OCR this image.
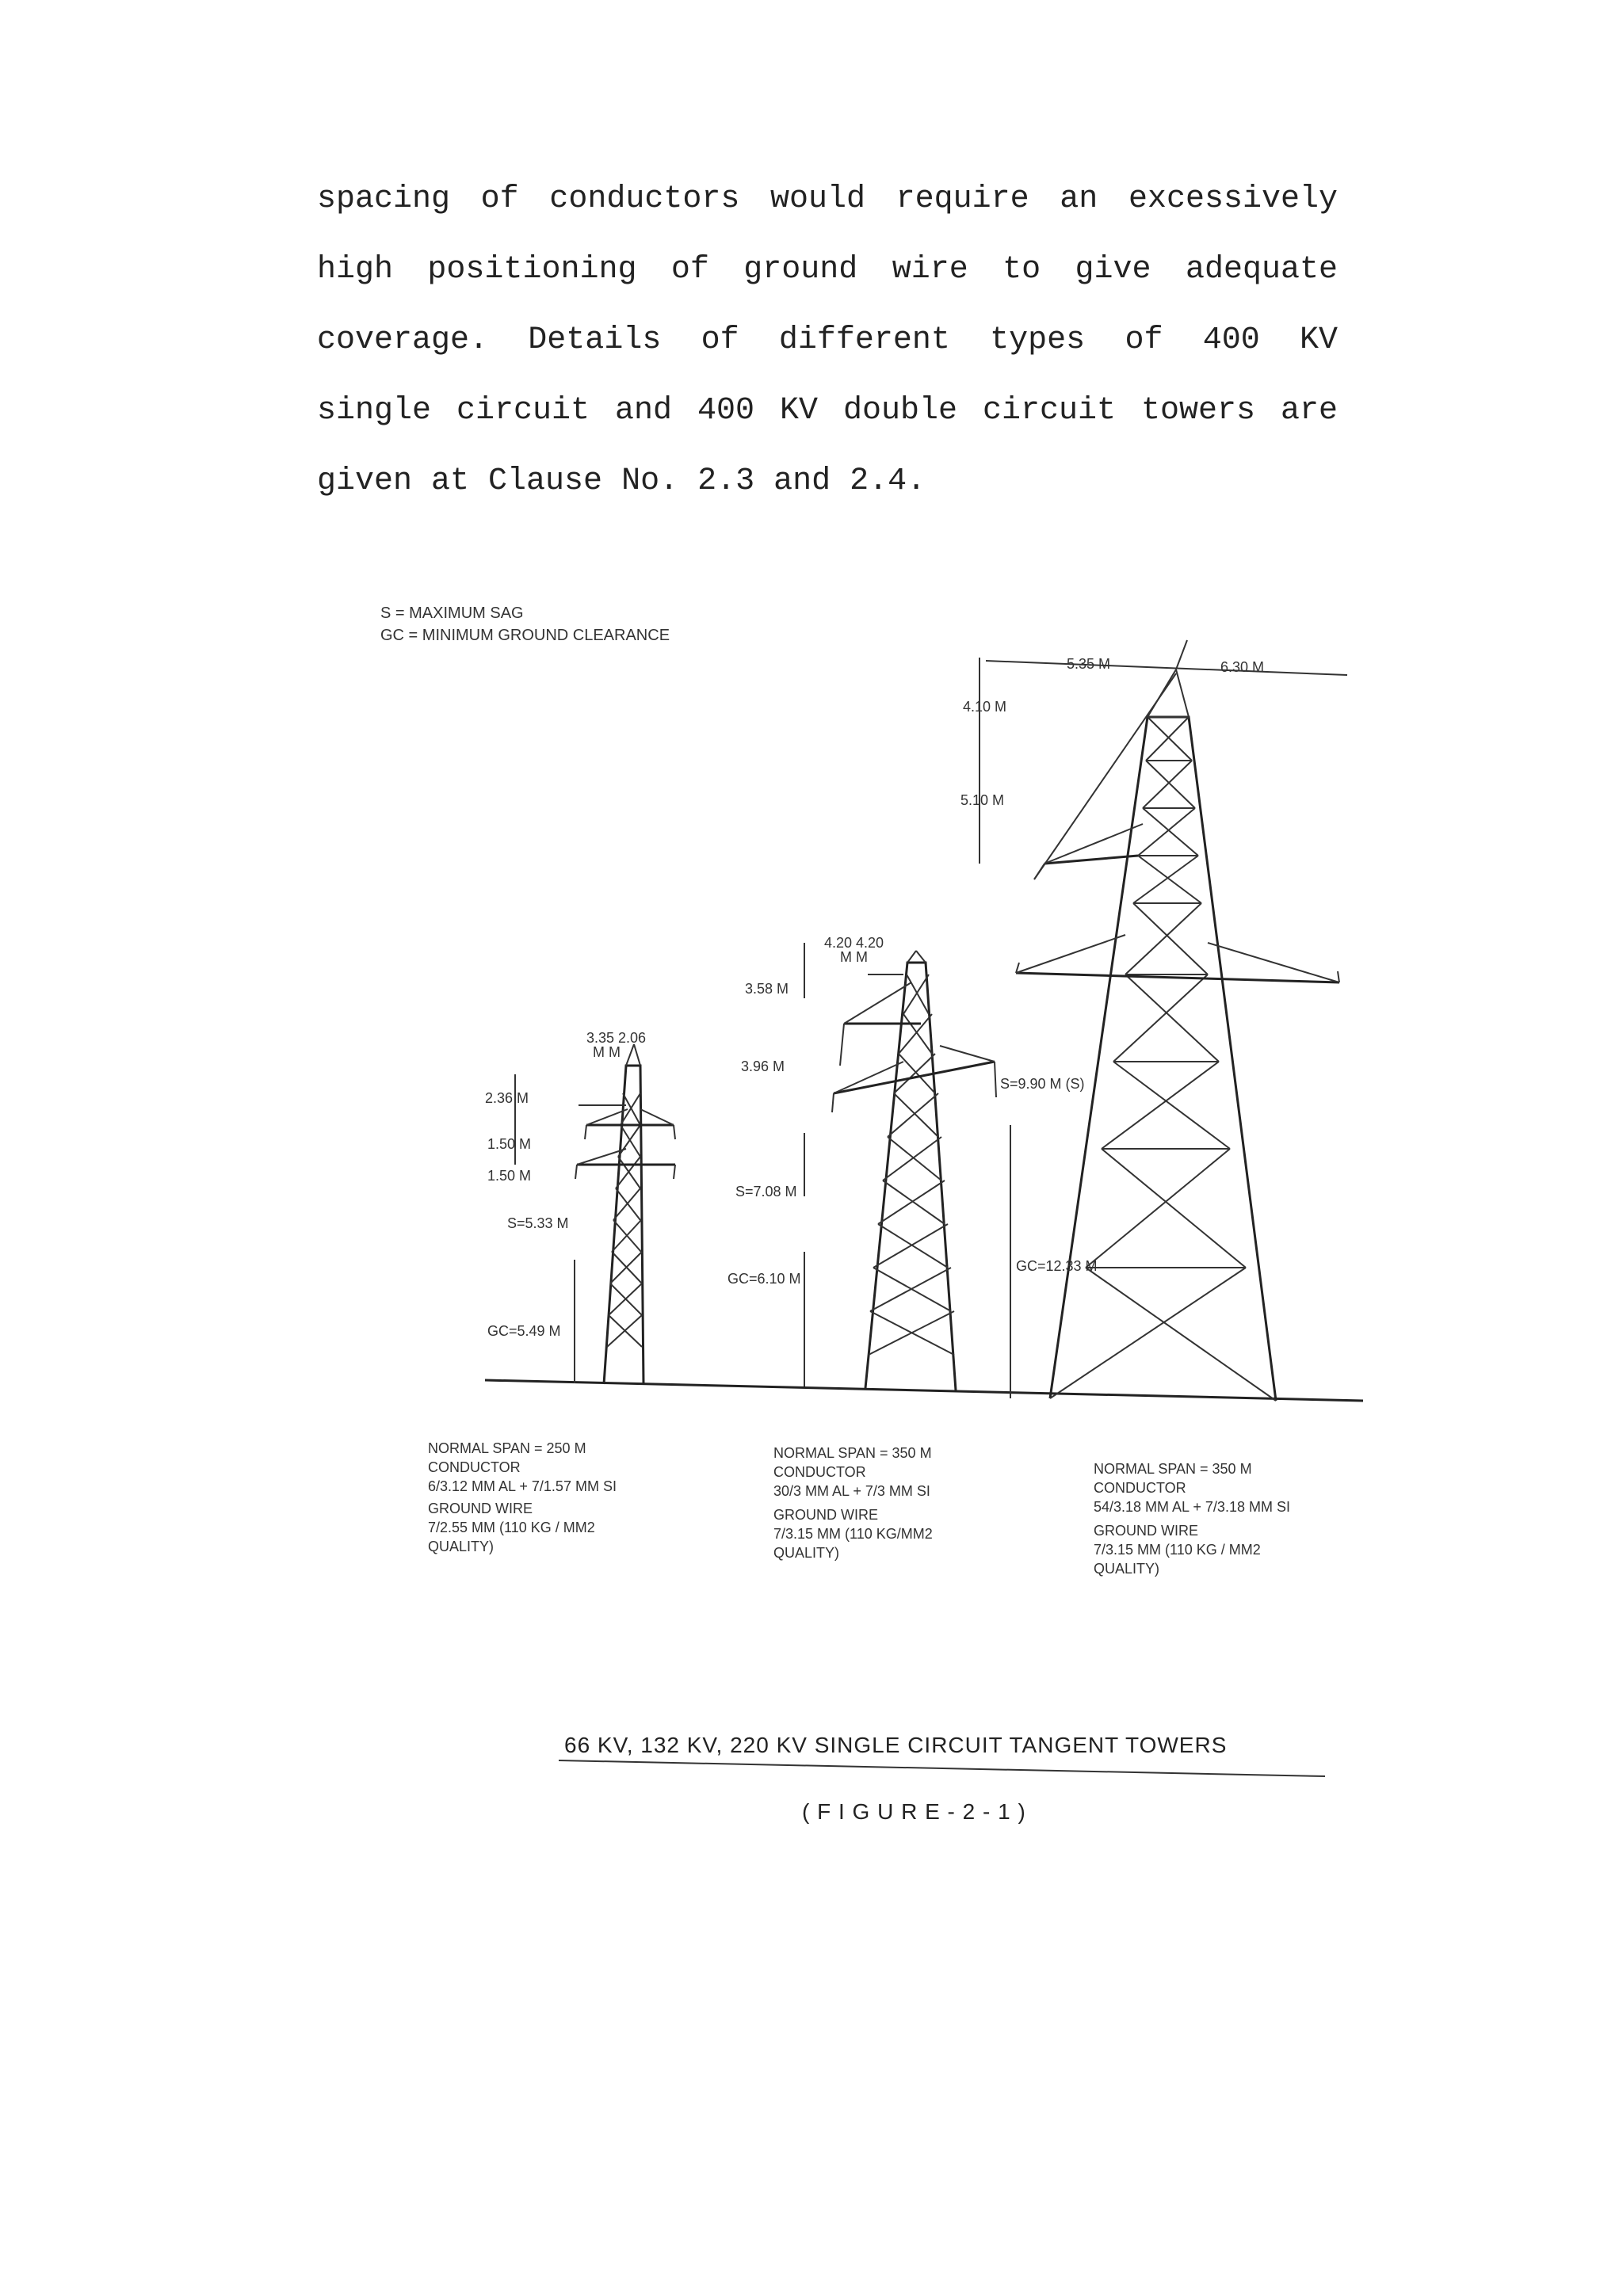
spacing of conductors would require an excessively
high positioning of ground wire to give adequate
coverage. Details of different types of 400 KV
single circuit and 400 KV double circuit towers are
given at Clause No. 2.3 and 2.4.
S = MAXIMUM SAG
GC = MINIMUM GROUND CLEARANCE
3.35 2.06
M M
2.36 M
1.50 M
1.50 M
S=5.33 M
GC=5.49 M
NORMAL SPAN = 250 M
CONDUCTOR
6/3.12 MM AL + 7/1.57 MM SI
GROUND WIRE
7/2.55 MM (110 KG / MM2
QUALITY)
4.20 4.20
M M
3.58 M
3.96 M
S=7.08 M
GC=6.10 M
NORMAL SPAN = 350 M
CONDUCTOR
30/3 MM AL + 7/3 MM SI
GROUND WIRE
7/3.15 MM (110 KG/MM2
QUALITY)
5.35 M	6.30 M
4.10 M
5.10 M
S=9.90 M (S)
GC=12.33 M
NORMAL SPAN = 350 M
CONDUCTOR
54/3.18 MM AL + 7/3.18 MM SI
GROUND WIRE
7/3.15 MM (110 KG / MM2
QUALITY)
66 KV, 132 KV, 220 KV SINGLE CIRCUIT TANGENT TOWERS
( F I G U R E - 2 - 1 )
